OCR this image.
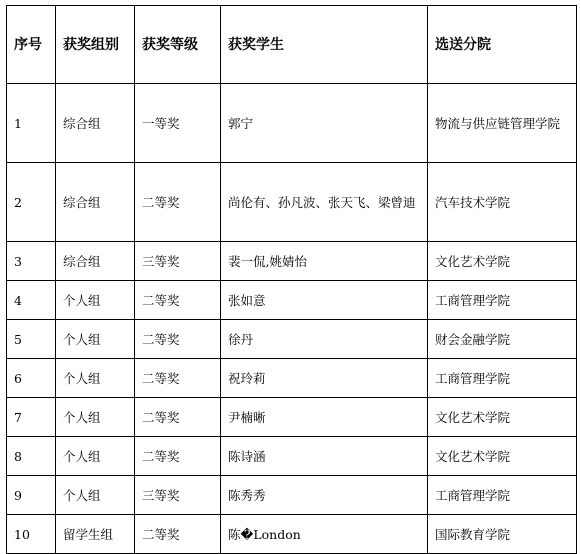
序号	获奖组别	获奖等级	获奖学生	选送分院
1	综合组	一等奖	郭宁	物流与供应链管理学院
2	综合组	二等奖	尚伦有、孙凡波、张天飞、梁曾迪	汽车技术学院
3	综合组	三等奖	裴一侃,姚婧怡	文化艺术学院
4	个人组	二等奖	张如意	工商管理学院
5	个人组	二等奖	徐丹	财会金融学院
6	个人组	二等奖	祝玲莉	工商管理学院
7	个人组	二等奖	尹楠晰	文化艺术学院
8	个人组	二等奖	陈诗涵	文化艺术学院
9	个人组	三等奖	陈秀秀	工商管理学院
10	留学生组	二等奖	陈�London	国际教育学院
